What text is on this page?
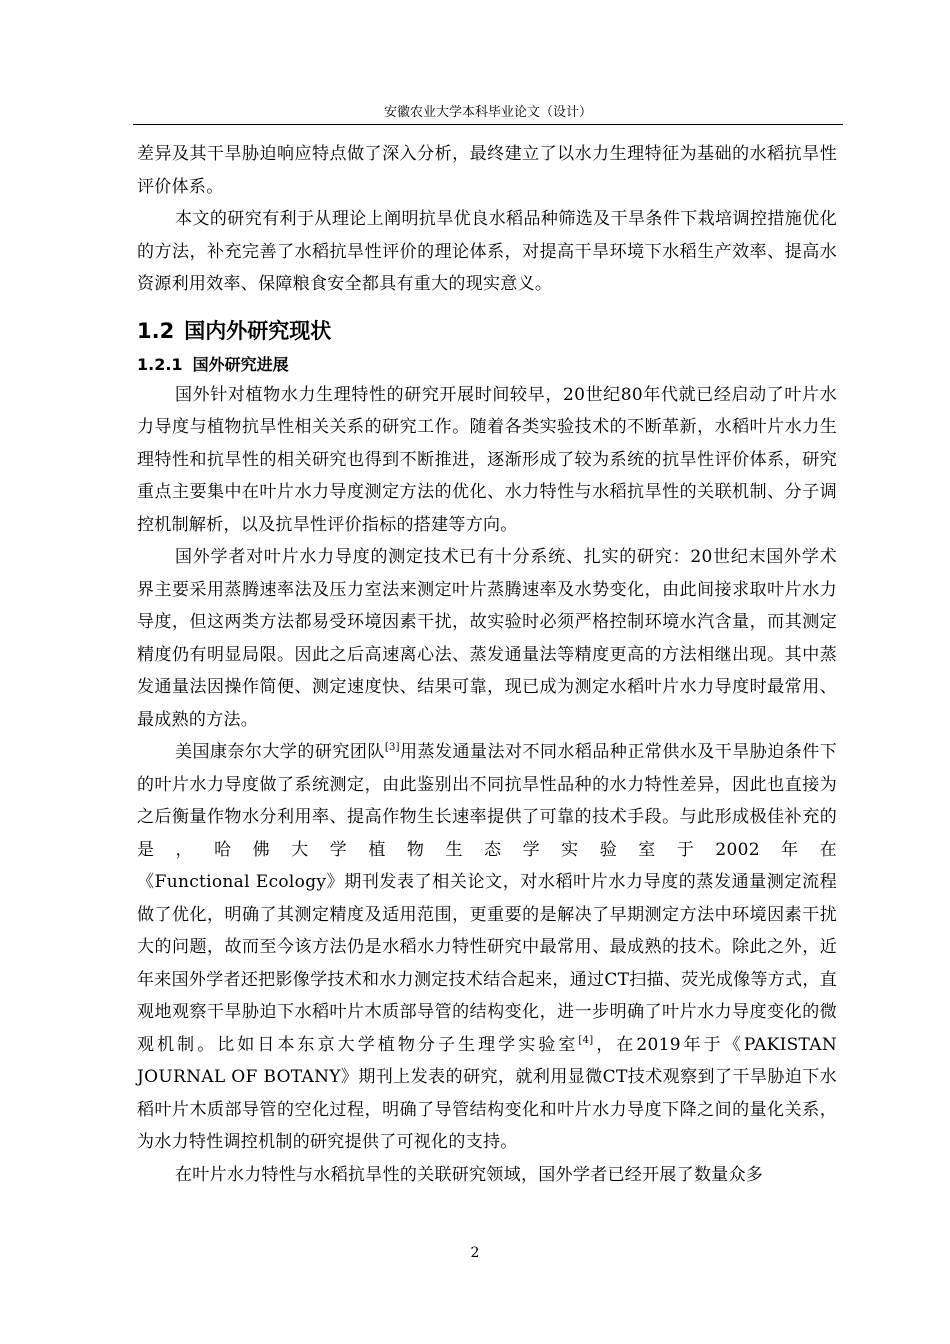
安徽农业大学本科毕业论文（设计）

差异及其干旱胁迫响应特点做了深入分析，最终建立了以水力生理特征为基础的水稻抗旱性评价体系。

本文的研究有利于从理论上阐明抗旱优良水稻品种筛选及干旱条件下栽培调控措施优化的方法，补充完善了水稻抗旱性评价的理论体系，对提高干旱环境下水稻生产效率、提高水资源利用效率、保障粮食安全都具有重大的现实意义。

1.2 国内外研究现状
1.2.1 国外研究进展

国外针对植物水力生理特性的研究开展时间较早，20世纪80年代就已经启动了叶片水力导度与植物抗旱性相关关系的研究工作。随着各类实验技术的不断革新，水稻叶片水力生理特性和抗旱性的相关研究也得到不断推进，逐渐形成了较为系统的抗旱性评价体系，研究重点主要集中在叶片水力导度测定方法的优化、水力特性与水稻抗旱性的关联机制、分子调控机制解析，以及抗旱性评价指标的搭建等方向。

国外学者对叶片水力导度的测定技术已有十分系统、扎实的研究：20世纪末国外学术界主要采用蒸腾速率法及压力室法来测定叶片蒸腾速率及水势变化，由此间接求取叶片水力导度，但这两类方法都易受环境因素干扰，故实验时必须严格控制环境水汽含量，而其测定精度仍有明显局限。因此之后高速离心法、蒸发通量法等精度更高的方法相继出现。其中蒸发通量法因操作简便、测定速度快、结果可靠，现已成为测定水稻叶片水力导度时最常用、最成熟的方法。

美国康奈尔大学的研究团队[3]用蒸发通量法对不同水稻品种正常供水及干旱胁迫条件下的叶片水力导度做了系统测定，由此鉴别出不同抗旱性品种的水力特性差异，因此也直接为之后衡量作物水分利用率、提高作物生长速率提供了可靠的技术手段。与此形成极佳补充的是，哈佛大学植物生态学实验室于2002年在

《Functional Ecology》期刊发表了相关论文，对水稻叶片水力导度的蒸发通量测定流程做了优化，明确了其测定精度及适用范围，更重要的是解决了早期测定方法中环境因素干扰大的问题，故而至今该方法仍是水稻水力特性研究中最常用、最成熟的技术。除此之外，近年来国外学者还把影像学技术和水力测定技术结合起来，通过CT扫描、荧光成像等方式，直观地观察干旱胁迫下水稻叶片木质部导管的结构变化，进一步明确了叶片水力导度变化的微观机制。比如日本东京大学植物分子生理学实验室[4]，在2019年于《PAKISTAN JOURNAL OF BOTANY》期刊上发表的研究，就利用显微CT技术观察到了干旱胁迫下水稻叶片木质部导管的空化过程，明确了导管结构变化和叶片水力导度下降之间的量化关系，为水力特性调控机制的研究提供了可视化的支持。

在叶片水力特性与水稻抗旱性的关联研究领域，国外学者已经开展了数量众多

2
